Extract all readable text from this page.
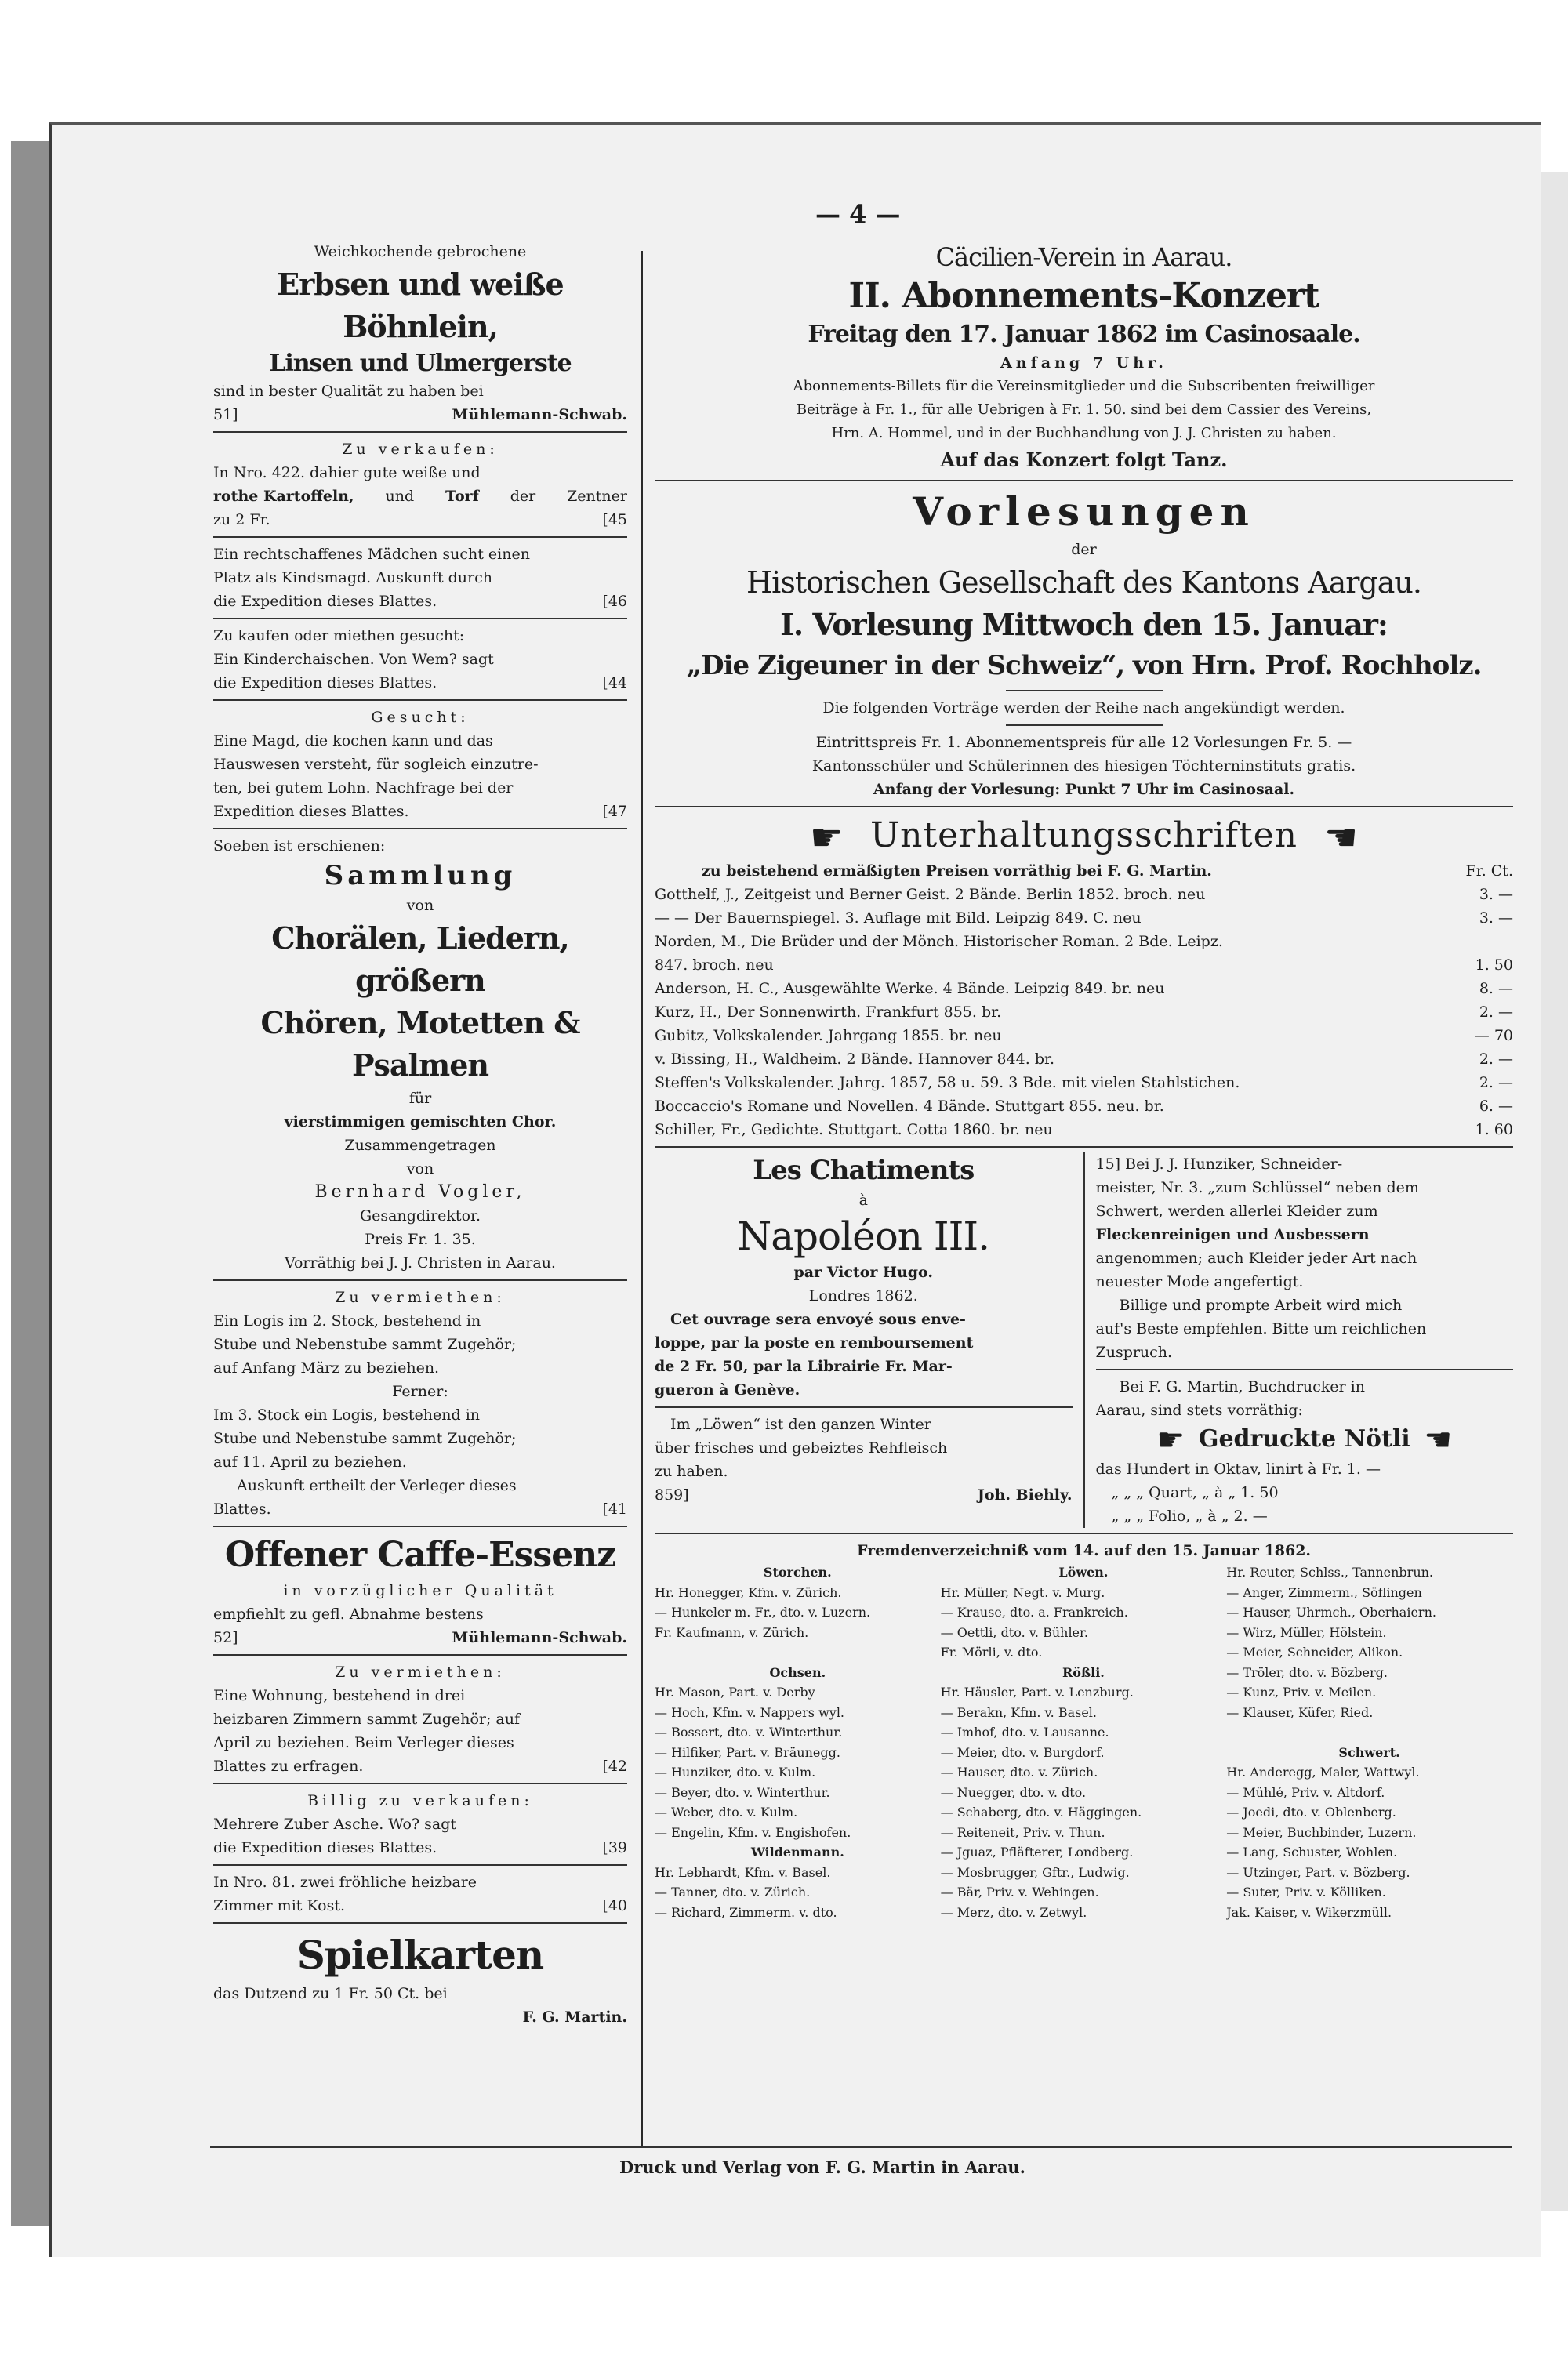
— 4 —
Weichkochende gebrochene
Erbsen und weiße Böhnlein,
Linsen und Ulmergerste
sind in bester Qualität zu haben bei
51]	Mühlemann-Schwab.
Zu verkaufen:
In Nro. 422. dahier gute weiße und
rothe Kartoffeln, und Torf der Zentner
zu 2 Fr.	[45
Ein rechtschaffenes Mädchen sucht einen
Platz als Kindsmagd. Auskunft durch
die Expedition dieses Blattes.	[46
Zu kaufen oder miethen gesucht:
Ein Kinderchaischen. Von Wem? sagt
die Expedition dieses Blattes.	[44
Gesucht:
Eine Magd, die kochen kann und das
Hauswesen versteht, für sogleich einzutre-
ten, bei gutem Lohn. Nachfrage bei der
Expedition dieses Blattes.	[47
Soeben ist erschienen:
Sammlung
von
Chorälen, Liedern, größern
Chören, Motetten & Psalmen
für
vierstimmigen gemischten Chor.
Zusammengetragen
von
Bernhard Vogler,
Gesangdirektor.
Preis Fr. 1. 35.
Vorräthig bei J. J. Christen in Aarau.
Zu vermiethen:
Ein Logis im 2. Stock, bestehend in
Stube und Nebenstube sammt Zugehör;
auf Anfang März zu beziehen.
Ferner:
Im 3. Stock ein Logis, bestehend in
Stube und Nebenstube sammt Zugehör;
auf 11. April zu beziehen.
Auskunft ertheilt der Verleger dieses
Blattes.	[41
Offener Caffe-Essenz
in vorzüglicher Qualität
empfiehlt zu gefl. Abnahme bestens
52]	Mühlemann-Schwab.
Zu vermiethen:
Eine Wohnung, bestehend in drei
heizbaren Zimmern sammt Zugehör; auf
April zu beziehen. Beim Verleger dieses
Blattes zu erfragen.	[42
Billig zu verkaufen:
Mehrere Zuber Asche. Wo? sagt
die Expedition dieses Blattes.	[39
In Nro. 81. zwei fröhliche heizbare
Zimmer mit Kost.	[40
Spielkarten
das Dutzend zu 1 Fr. 50 Ct. bei
F. G. Martin.
Cäcilien-Verein in Aarau.
II. Abonnements-Konzert
Freitag den 17. Januar 1862 im Casinosaale.
Anfang 7 Uhr.
Abonnements-Billets für die Vereinsmitglieder und die Subscribenten freiwilliger
Beiträge à Fr. 1., für alle Uebrigen à Fr. 1. 50. sind bei dem Cassier des Vereins,
Hrn. A. Hommel, und in der Buchhandlung von J. J. Christen zu haben.
Auf das Konzert folgt Tanz.
Vorlesungen
der
Historischen Gesellschaft des Kantons Aargau.
I. Vorlesung Mittwoch den 15. Januar:
„Die Zigeuner in der Schweiz“, von Hrn. Prof. Rochholz.
Die folgenden Vorträge werden der Reihe nach angekündigt werden.
Eintrittspreis Fr. 1. Abonnementspreis für alle 12 Vorlesungen Fr. 5. —
Kantonsschüler und Schülerinnen des hiesigen Töchterninstituts gratis.
Anfang der Vorlesung: Punkt 7 Uhr im Casinosaal.
☛ Unterhaltungsschriften ☚
zu beistehend ermäßigten Preisen vorräthig bei F. G. Martin.	Fr. Ct.
Gotthelf, J., Zeitgeist und Berner Geist. 2 Bände. Berlin 1852. broch. neu	3. —
— — Der Bauernspiegel. 3. Auflage mit Bild. Leipzig 849. C. neu	3. —
Norden, M., Die Brüder und der Mönch. Historischer Roman. 2 Bde. Leipz.	
847. broch. neu	1. 50
Anderson, H. C., Ausgewählte Werke. 4 Bände. Leipzig 849. br. neu	8. —
Kurz, H., Der Sonnenwirth. Frankfurt 855. br.	2. —
Gubitz, Volkskalender. Jahrgang 1855. br. neu	— 70
v. Bissing, H., Waldheim. 2 Bände. Hannover 844. br.	2. —
Steffen's Volkskalender. Jahrg. 1857, 58 u. 59. 3 Bde. mit vielen Stahlstichen.	2. —
Boccaccio's Romane und Novellen. 4 Bände. Stuttgart 855. neu. br.	6. —
Schiller, Fr., Gedichte. Stuttgart. Cotta 1860. br. neu	1. 60
Les Chatiments
à
Napoléon III.
par Victor Hugo.
Londres 1862.
Cet ouvrage sera envoyé sous enve-
loppe, par la poste en remboursement
de 2 Fr. 50, par la Librairie Fr. Mar-
gueron à Genève.
Im „Löwen“ ist den ganzen Winter
über frisches und gebeiztes Rehfleisch
zu haben.
859]	Joh. Biehly.
15] Bei J. J. Hunziker, Schneider-
meister, Nr. 3. „zum Schlüssel“ neben dem
Schwert, werden allerlei Kleider zum
Fleckenreinigen und Ausbessern
angenommen; auch Kleider jeder Art nach
neuester Mode angefertigt.
Billige und prompte Arbeit wird mich
auf's Beste empfehlen. Bitte um reichlichen
Zuspruch.
Bei F. G. Martin, Buchdrucker in
Aarau, sind stets vorräthig:
☛ Gedruckte Nötli ☚
das Hundert in Oktav, linirt à Fr. 1. —
„ „ „ Quart, „ à „ 1. 50
„ „ „ Folio, „ à „ 2. —
Fremdenverzeichniß vom 14. auf den 15. Januar 1862.
Storchen.
Hr. Honegger, Kfm. v. Zürich.
— Hunkeler m. Fr., dto. v. Luzern.
Fr. Kaufmann, v. Zürich.

Ochsen.
Hr. Mason, Part. v. Derby
— Hoch, Kfm. v. Nappers wyl.
— Bossert, dto. v. Winterthur.
— Hilfiker, Part. v. Bräunegg.
— Hunziker, dto. v. Kulm.
— Beyer, dto. v. Winterthur.
— Weber, dto. v. Kulm.
— Engelin, Kfm. v. Engishofen.
Wildenmann.
Hr. Lebhardt, Kfm. v. Basel.
— Tanner, dto. v. Zürich.
— Richard, Zimmerm. v. dto.
Löwen.
Hr. Müller, Negt. v. Murg.
— Krause, dto. a. Frankreich.
— Oettli, dto. v. Bühler.
Fr. Mörli, v. dto.
Rößli.
Hr. Häusler, Part. v. Lenzburg.
— Berakn, Kfm. v. Basel.
— Imhof, dto. v. Lausanne.
— Meier, dto. v. Burgdorf.
— Hauser, dto. v. Zürich.
— Nuegger, dto. v. dto.
— Schaberg, dto. v. Häggingen.
— Reiteneit, Priv. v. Thun.
— Jguaz, Pfläfterer, Londberg.
— Mosbrugger, Gftr., Ludwig.
— Bär, Priv. v. Wehingen.
— Merz, dto. v. Zetwyl.
Hr. Reuter, Schlss., Tannenbrun.
— Anger, Zimmerm., Söflingen
— Hauser, Uhrmch., Oberhaiern.
— Wirz, Müller, Hölstein.
— Meier, Schneider, Alikon.
— Tröler, dto. v. Bözberg.
— Kunz, Priv. v. Meilen.
— Klauser, Küfer, Ried.

Schwert.
Hr. Anderegg, Maler, Wattwyl.
— Mühlé, Priv. v. Altdorf.
— Joedi, dto. v. Oblenberg.
— Meier, Buchbinder, Luzern.
— Lang, Schuster, Wohlen.
— Utzinger, Part. v. Bözberg.
— Suter, Priv. v. Kölliken.
Jak. Kaiser, v. Wikerzmüll.
Druck und Verlag von F. G. Martin in Aarau.
